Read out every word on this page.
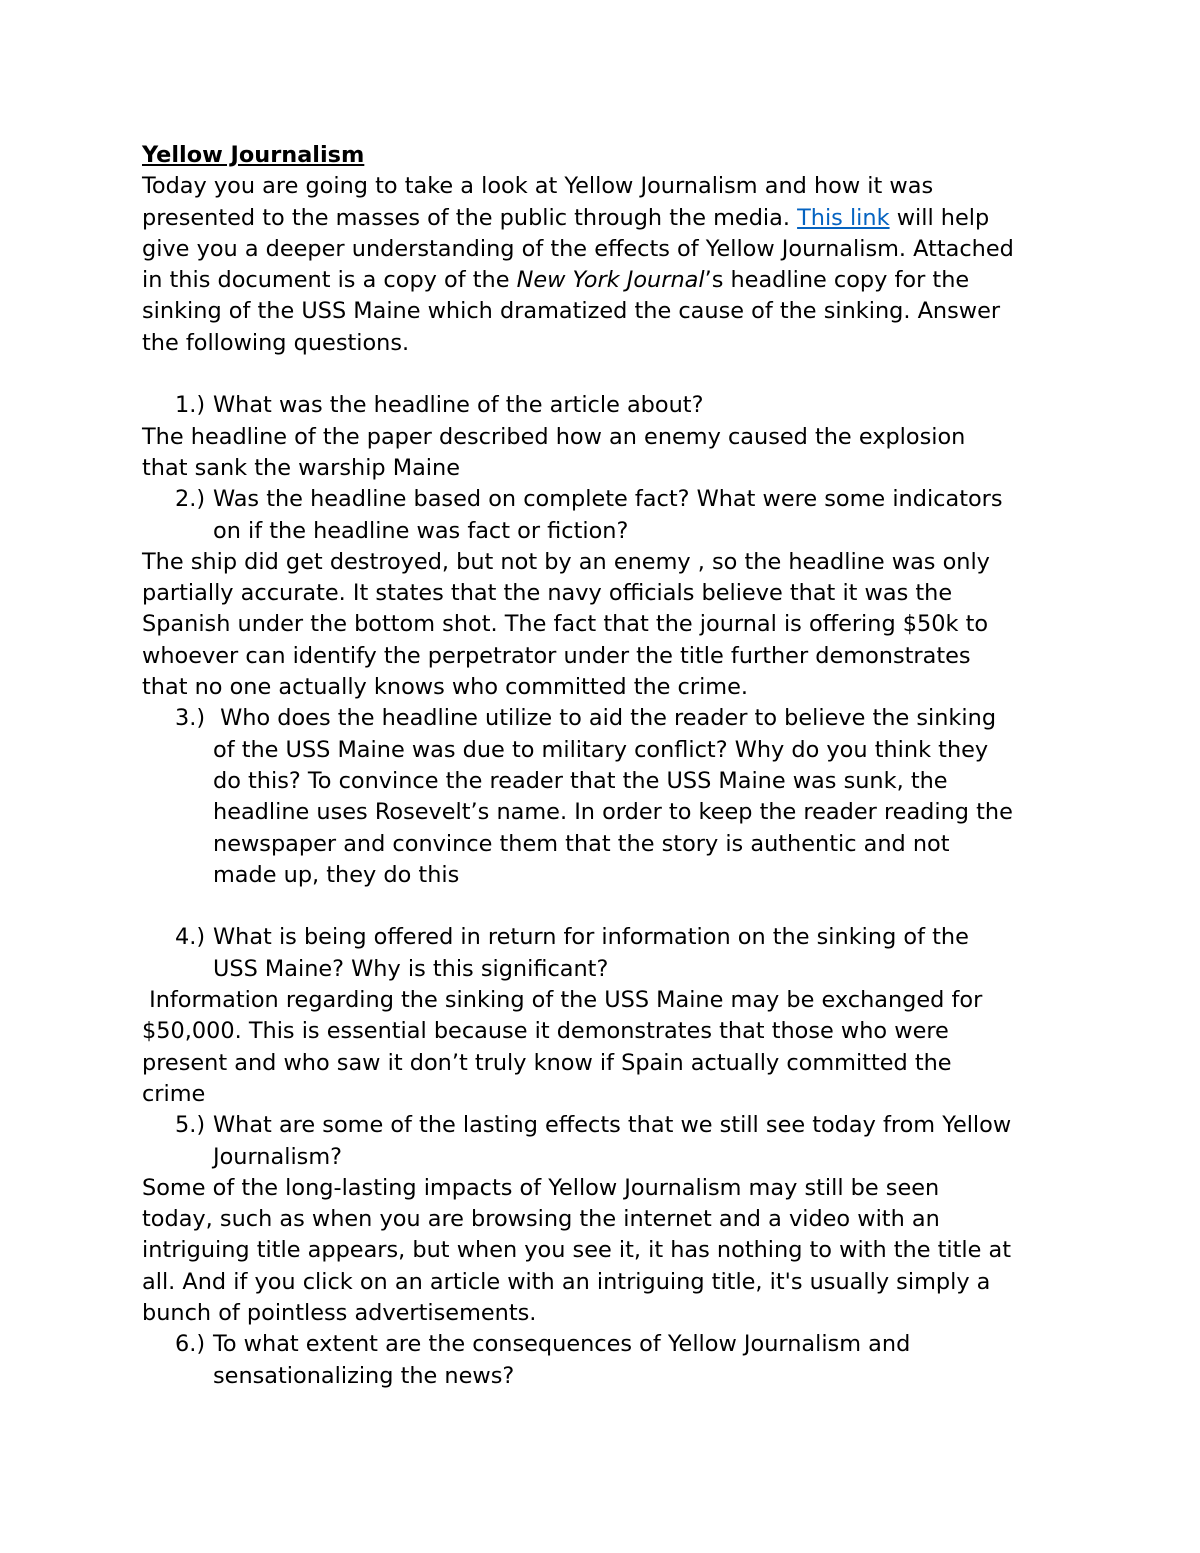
Yellow Journalism
Today you are going to take a look at Yellow Journalism and how it was
presented to the masses of the public through the media. This link will help
give you a deeper understanding of the effects of Yellow Journalism. Attached
in this document is a copy of the New York Journal’s headline copy for the
sinking of the USS Maine which dramatized the cause of the sinking. Answer
the following questions.
1.) What was the headline of the article about?
The headline of the paper described how an enemy caused the explosion
that sank the warship Maine
2.) Was the headline based on complete fact? What were some indicators
on if the headline was fact or fiction?
The ship did get destroyed, but not by an enemy , so the headline was only
partially accurate. It states that the navy officials believe that it was the
Spanish under the bottom shot. The fact that the journal is offering $50k to
whoever can identify the perpetrator under the title further demonstrates
that no one actually knows who committed the crime.
3.) Who does the headline utilize to aid the reader to believe the sinking
of the USS Maine was due to military conflict? Why do you think they
do this? To convince the reader that the USS Maine was sunk, the
headline uses Rosevelt’s name. In order to keep the reader reading the
newspaper and convince them that the story is authentic and not
made up, they do this
4.) What is being offered in return for information on the sinking of the
USS Maine? Why is this significant?
Information regarding the sinking of the USS Maine may be exchanged for
$50,000. This is essential because it demonstrates that those who were
present and who saw it don’t truly know if Spain actually committed the
crime
5.) What are some of the lasting effects that we still see today from Yellow
Journalism?
Some of the long-lasting impacts of Yellow Journalism may still be seen
today, such as when you are browsing the internet and a video with an
intriguing title appears, but when you see it, it has nothing to with the title at
all. And if you click on an article with an intriguing title, it's usually simply a
bunch of pointless advertisements.
6.) To what extent are the consequences of Yellow Journalism and
sensationalizing the news?
